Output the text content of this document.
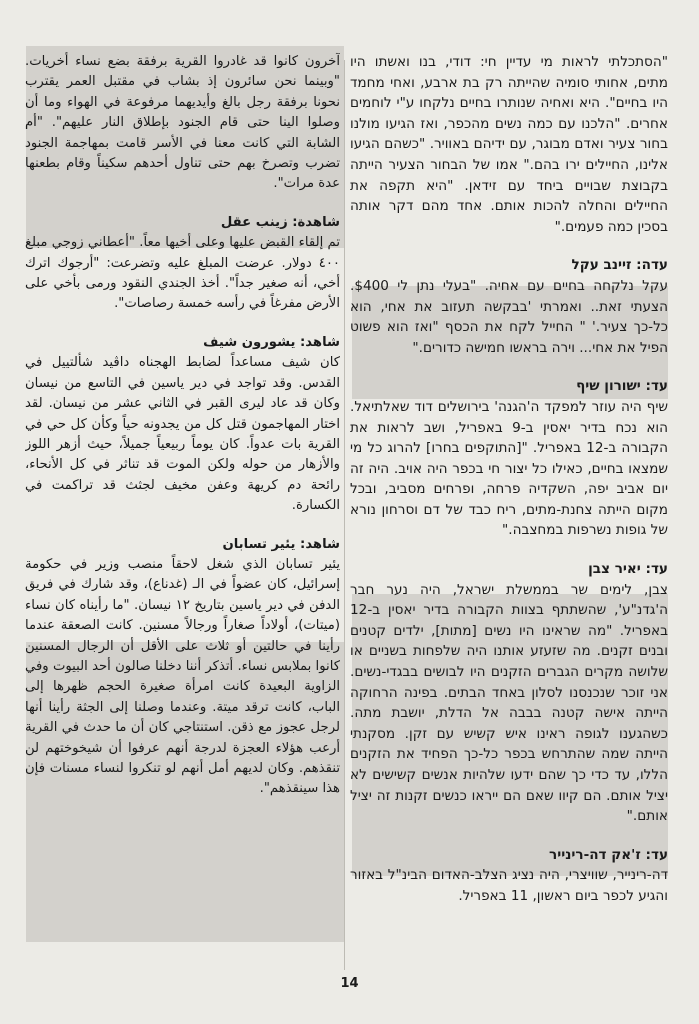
"הסתכלתי לראות מי עדיין חי: דודי, בנו ואשתו היו מתים, אחותי סומיה שהייתה רק בת ארבע, ואחי מחמד היו בחיים". היא ואחיה שנותרו בחיים נלקחו ע"י לוחמים אחרים. "הלכנו עם כמה נשים מהכפר, ואז הגיעו מולנו בחור צעיר ואדם מבוגר, עם ידיהם באוויר. "כשהם הגיעו אלינו, החיילים ירו בהם." אמו של הבחור הצעיר הייתה בקבוצת שבויים ביחד עם זידאן. "היא תקפה את החיילים והחלה להכות אותם. אחד מהם דקר אותה בסכין כמה פעמים."

עדה: זיינב עקל

עקל נלקחה בחיים עם אחיה. "בעלי נתן לי $400. הצעתי זאת.. ואמרתי 'בבקשה תעזוב את אחי, הוא כל-כך צעיר.' " החייל לקח את הכסף "ואז הוא פשוט הפיל את אחי... וירה בראשו חמישה כדורים."

עד: ישורון שיף

שיף היה עוזר למפקד ה'הגנה' בירושלים דוד שאלתיאל. הוא נכח בדיר יאסין ב-9 באפריל, ושב לראות את הקבורה ב-12 באפריל. "[התוקפים בחרו] להרוג כל מי שמצאו בחיים, כאילו כל יצור חי בכפר היה אויב. היה זה יום אביב יפה, השקדיה פרחה, ופרחים מסביב, ובכל מקום הייתה צחנת-מתים, ריח כבד של דם וסרחון נורא של גופות נשרפות במחצבה."

עד: יאיר צבן

צבן, לימים שר בממשלת ישראל, היה נער חבר ה'גדנ"ע', שהשתתף בצוות הקבורה בדיר יאסין ב-12 באפריל. "מה שראינו היו נשים [מתות], ילדים קטנים ובנים זקנים. מה שזעזע אותנו היה שלפחות בשניים או שלושה מקרים הגברים הזקנים היו לבושים בבגדי-נשים. אני זוכר שנכנסנו לסלון באחד הבתים. בפינה הרחוקה הייתה אישה קטנה בבבה אל הדלת, יושבת מתה. כשהגענו לגופה ראינו איש קשיש עם זקן. מסקנתי הייתה שמה שהתרחש בכפר כל-כך הפחיד את הזקנים הללו, עד כדי כך שהם ידעו שלהיות אנשים קשישים לא יציל אותם. הם קיוו שאם הם ייראו כנשים זקנות זה יציל אותם."

עד: ז'אק דה-רינייר

דה-רינייר, שוויצרי, היה נציג הצלב-האדום הבינ"ל באזור והגיע לכפר ביום ראשון, 11 באפריל.

آخرون كانوا قد غادروا القرية برفقة بضع نساء أخريات. "وبينما نحن سائرون إذ بشاب في مقتبل العمر يقترب نحونا برفقة رجل بالغ وأيديهما مرفوعة في الهواء وما أن وصلوا الينا حتى قام الجنود بإطلاق النار عليهم". "أم الشابة التي كانت معنا في الأسر قامت بمهاجمة الجنود تضرب وتصرخ بهم حتى تناول أحدهم سكيناً وقام بطعنها عدة مرات".

شاهدة: زينب عقل

تم إلقاء القبض عليها وعلى أخيها معاً. "أعطاني زوجي مبلغ ٤٠٠ دولار. عرضت المبلغ عليه وتضرعت: "أرجوك اترك أخي، أنه صغير جداً". أخذ الجندي النقود ورمى بأخي على الأرض مفرغاً في رأسه خمسة رصاصات".

شاهد: يشورون شيف

كان شيف مساعداً لضابط الهجناه داڤيد شألتييل في القدس. وقد تواجد في دير ياسين في التاسع من نيسان وكان قد عاد ليرى القبر في الثاني عشر من نيسان. لقد اختار المهاجمون قتل كل من يجدونه حياً وكأن كل حي في القرية بات عدواً. كان يوماً ربيعياً جميلاً، حيث أزهر اللوز والأزهار من حوله ولكن الموت قد تناثر في كل الأنحاء، رائحة دم كريهة وعفن مخيف لجثث قد تراكمت في الكسارة.

شاهد: يئير تسابان

يئير تسابان الذي شغل لاحقاً منصب وزير في حكومة إسرائيل، كان عضواً في الـ (غدناع)، وقد شارك في فريق الدفن في دير ياسين بتاريخ ١٢ نيسان. "ما رأيناه كان نساء (ميتات)، أولاداً صغاراً ورجالاً مسنين. كانت الصعقة عندما رأينا في حالتين أو ثلاث على الأقل أن الرجال المسنين كانوا بملابس نساء. أتذكر أننا دخلنا صالون أحد البيوت وفي الزاوية البعيدة كانت امرأة صغيرة الحجم ظهرها إلى الباب، كانت ترقد ميتة. وعندما وصلنا إلى الجثة رأينا أنها لرجل عجوز مع ذقن. استنتاجي كان أن ما حدث في القرية أرعب هؤلاء العجزة لدرجة أنهم عرفوا أن شيخوختهم لن تنقذهم. وكان لديهم أمل أنهم لو تنكروا لنساء مسنات فإن هذا سينقذهم".

14
